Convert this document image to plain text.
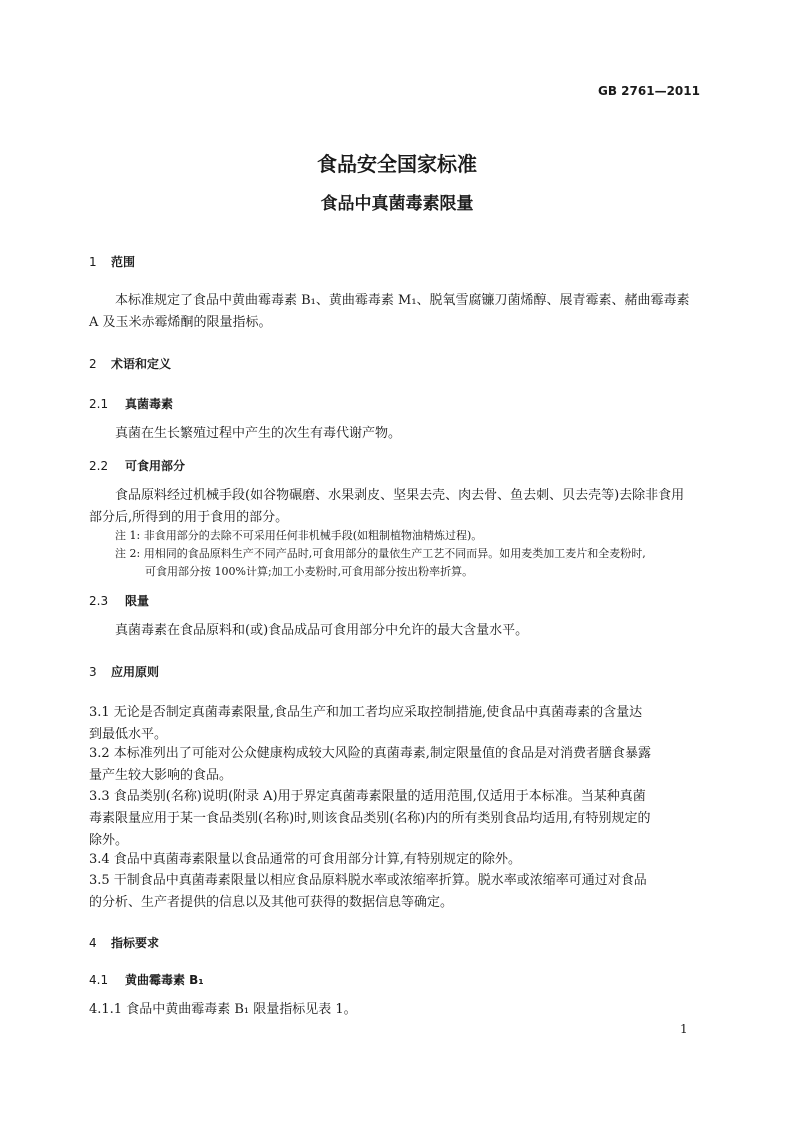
GB 2761—2011
食品安全国家标准
食品中真菌毒素限量
1 范围
本标准规定了食品中黄曲霉毒素 B₁、黄曲霉毒素 M₁、脱氧雪腐镰刀菌烯醇、展青霉素、赭曲霉毒素
A 及玉米赤霉烯酮的限量指标。
2 术语和定义
2.1 真菌毒素
真菌在生长繁殖过程中产生的次生有毒代谢产物。
2.2 可食用部分
食品原料经过机械手段(如谷物碾磨、水果剥皮、坚果去壳、肉去骨、鱼去刺、贝去壳等)去除非食用
部分后,所得到的用于食用的部分。
注 1: 非食用部分的去除不可采用任何非机械手段(如粗制植物油精炼过程)。
注 2: 用相同的食品原料生产不同产品时,可食用部分的量依生产工艺不同而异。如用麦类加工麦片和全麦粉时,
可食用部分按 100%计算;加工小麦粉时,可食用部分按出粉率折算。
2.3 限量
真菌毒素在食品原料和(或)食品成品可食用部分中允许的最大含量水平。
3 应用原则
3.1 无论是否制定真菌毒素限量,食品生产和加工者均应采取控制措施,使食品中真菌毒素的含量达
到最低水平。
3.2 本标准列出了可能对公众健康构成较大风险的真菌毒素,制定限量值的食品是对消费者膳食暴露
量产生较大影响的食品。
3.3 食品类别(名称)说明(附录 A)用于界定真菌毒素限量的适用范围,仅适用于本标准。当某种真菌
毒素限量应用于某一食品类别(名称)时,则该食品类别(名称)内的所有类别食品均适用,有特别规定的
除外。
3.4 食品中真菌毒素限量以食品通常的可食用部分计算,有特别规定的除外。
3.5 干制食品中真菌毒素限量以相应食品原料脱水率或浓缩率折算。脱水率或浓缩率可通过对食品
的分析、生产者提供的信息以及其他可获得的数据信息等确定。
4 指标要求
4.1 黄曲霉毒素 B₁
4.1.1 食品中黄曲霉毒素 B₁ 限量指标见表 1。
1
